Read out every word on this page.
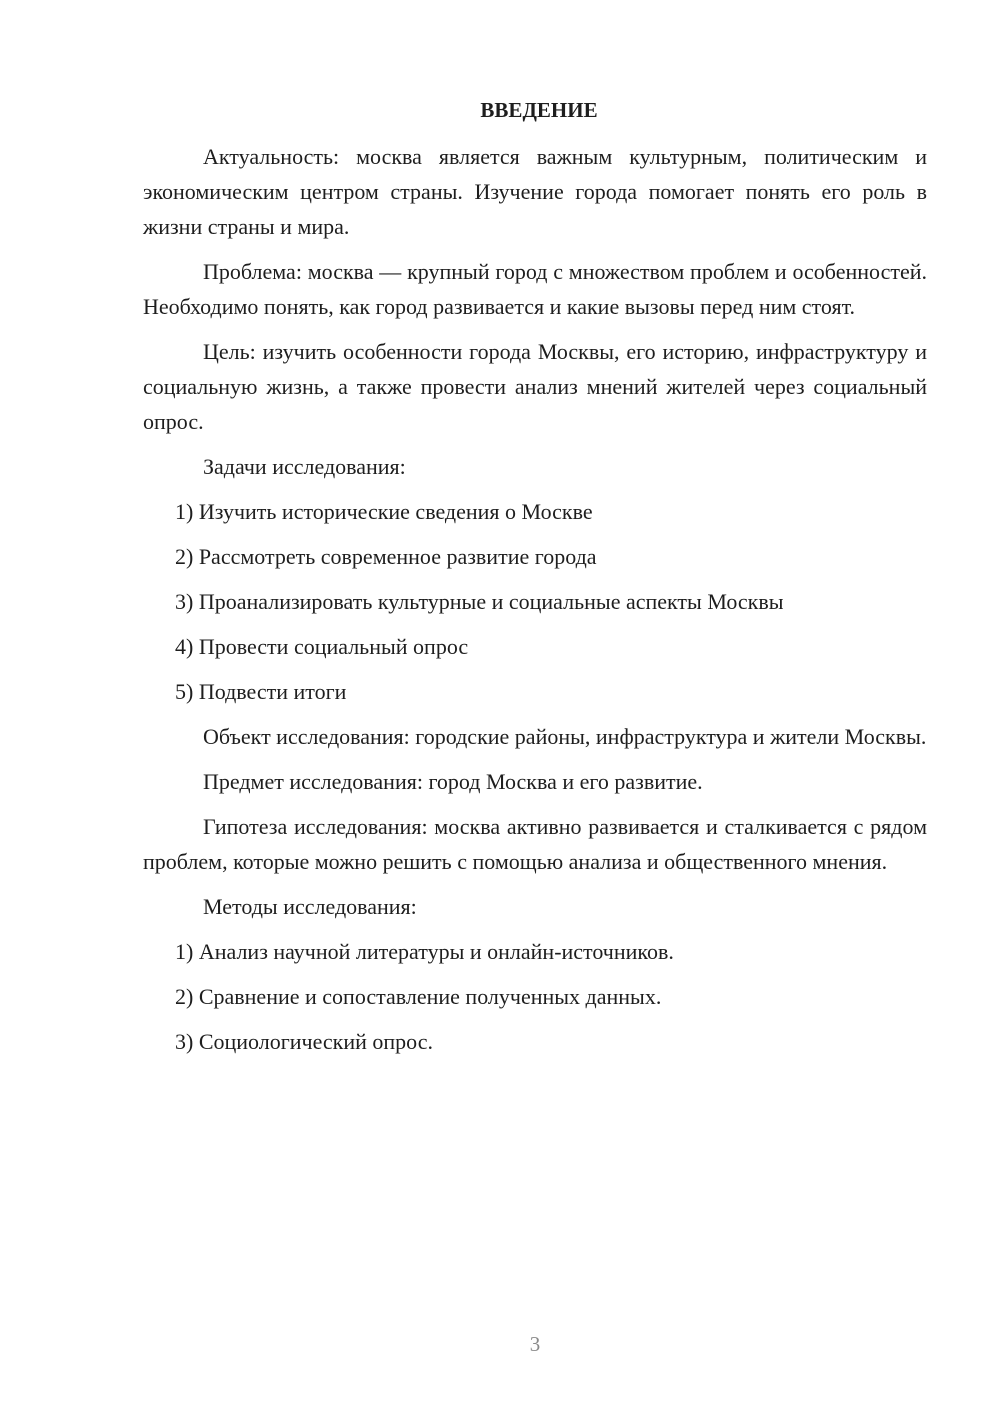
ВВЕДЕНИЕ

Актуальность: москва является важным культурным, политическим и экономическим центром страны. Изучение города помогает понять его роль в жизни страны и мира.

Проблема: москва — крупный город с множеством проблем и особенностей. Необходимо понять, как город развивается и какие вызовы перед ним стоят.

Цель: изучить особенности города Москвы, его историю, инфраструктуру и социальную жизнь, а также провести анализ мнений жителей через социальный опрос.

Задачи исследования:

1) Изучить исторические сведения о Москве

2) Рассмотреть современное развитие города

3) Проанализировать культурные и социальные аспекты Москвы

4) Провести социальный опрос

5) Подвести итоги

Объект исследования: городские районы, инфраструктура и жители Москвы.

Предмет исследования: город Москва и его развитие.

Гипотеза исследования: москва активно развивается и сталкивается с рядом проблем, которые можно решить с помощью анализа и общественного мнения.

Методы исследования:

1) Анализ научной литературы и онлайн-источников.

2) Сравнение и сопоставление полученных данных.

3) Социологический опрос.

3
